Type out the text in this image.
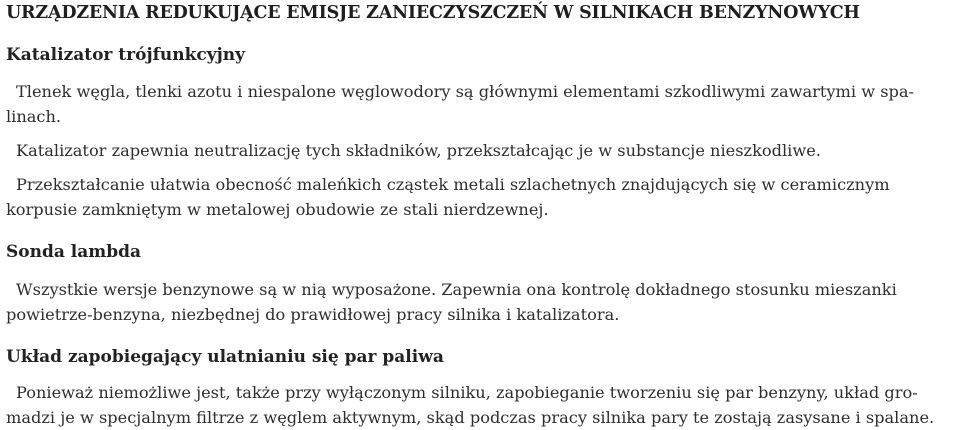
URZĄDZENIA REDUKUJĄCE EMISJE ZANIECZYSZCZEŃ W SILNIKACH BENZYNOWYCH
Katalizator trójfunkcyjny

Tlenek węgla, tlenki azotu i niespalone węglowodory są głównymi elementami szkodliwymi zawartymi w spa-
linach.

Katalizator zapewnia neutralizację tych składników, przekształcając je w substancje nieszkodliwe.

Przekształcanie ułatwia obecność maleńkich cząstek metali szlachetnych znajdujących się w ceramicznym
korpusie zamkniętym w metalowej obudowie ze stali nierdzewnej.

Sonda lambda

Wszystkie wersje benzynowe są w nią wyposażone. Zapewnia ona kontrolę dokładnego stosunku mieszanki
powietrze-benzyna, niezbędnej do prawidłowej pracy silnika i katalizatora.

Układ zapobiegający ulatnianiu się par paliwa

Ponieważ niemożliwe jest, także przy wyłączonym silniku, zapobieganie tworzeniu się par benzyny, układ gro-
madzi je w specjalnym filtrze z węglem aktywnym, skąd podczas pracy silnika pary te zostają zasysane i spalane.
